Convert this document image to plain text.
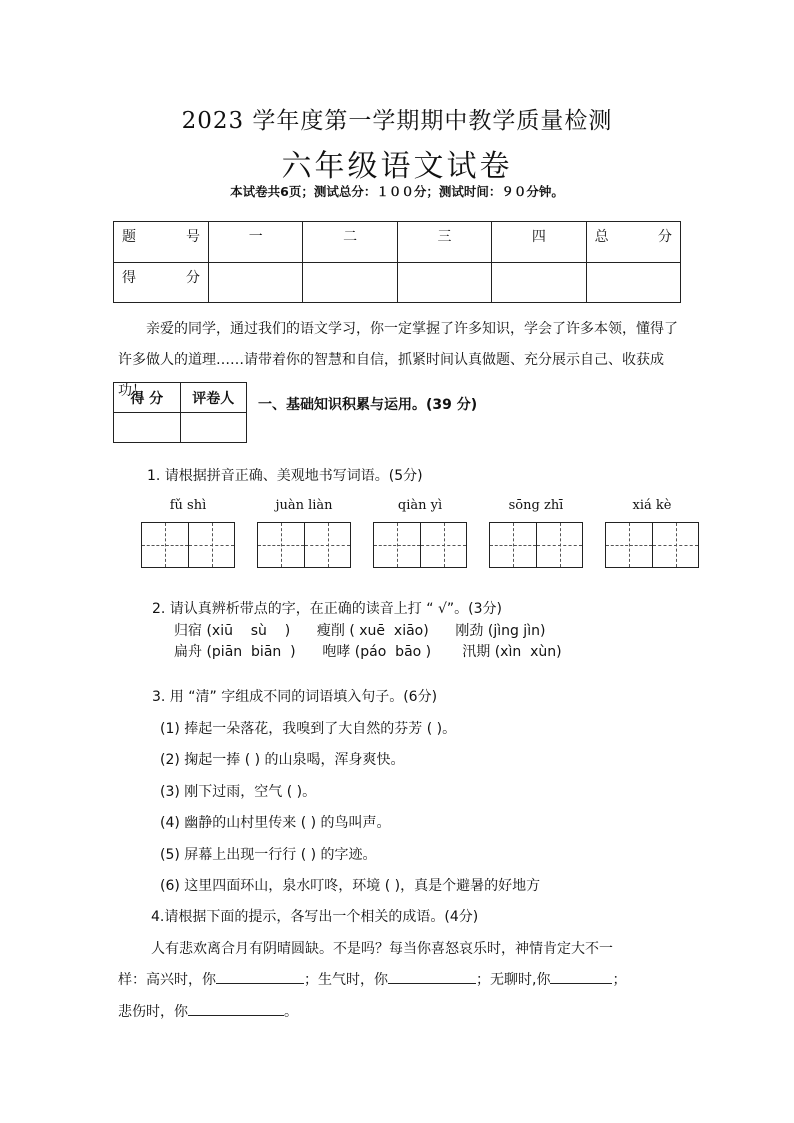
2023 学年度第一学期期中教学质量检测
六年级语文试卷
本试卷共6页；测试总分：１００分；测试时间：９０分钟。
题 号	一	二	三	四	总 分

得 分					

亲爱的同学，通过我们的语文学习，你一定掌握了许多知识，学会了许多本领，懂得了许多做人的道理……请带着你的智慧和自信，抓紧时间认真做题、充分展示自己、收获成功！
得 分	评卷人
	一、基础知识积累与运用。(39 分)
1. 请根据拼音正确、美观地书写词语。(5分)
fǔ shì	juàn liàn	qiàn yì	sōng zhī	xiá kè
2. 请认真辨析带点的字，在正确的读音上打 “ √”。(3分)
归宿 (xiū    sù    )      瘦削 ( xuē  xiāo)      刚劲 (jìng jìn)
扁舟 (piān  biān  )      咆哮 (páo  bāo )       汛期 (xìn  xùn)
3. 用 “清” 字组成不同的词语填入句子。(6分)
(1) 捧起一朵落花，我嗅到了大自然的芬芳 ( )。
(2) 掬起一捧 ( ) 的山泉喝，浑身爽快。
(3) 刚下过雨，空气 ( )。
(4) 幽静的山村里传来 ( ) 的鸟叫声。
(5) 屏幕上出现一行行 ( ) 的字迹。
(6) 这里四面环山，泉水叮咚，环境 ( )，真是个避暑的好地方
4.请根据下面的提示，各写出一个相关的成语。(4分)
人有悲欢离合月有阴晴圆缺。不是吗？每当你喜怒哀乐时，神情肯定大不一
样：高兴时，你	；生气时，你	；无聊时,你	；
悲伤时，你	。
